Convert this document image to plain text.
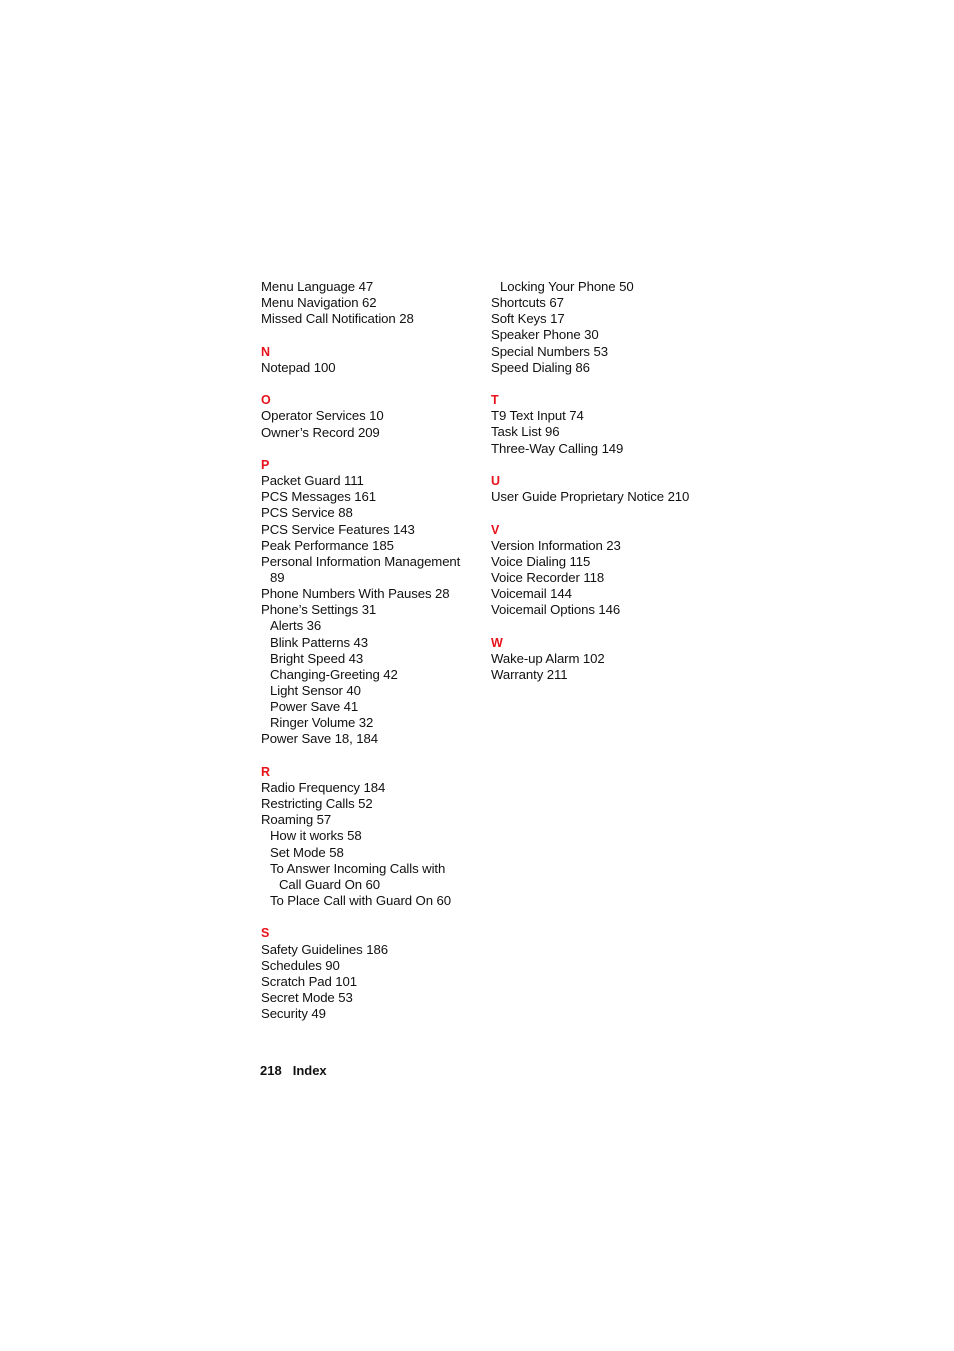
Menu Language 47
Menu Navigation 62
Missed Call Notification 28
N
Notepad 100
O
Operator Services 10
Owner’s Record 209
P
Packet Guard 111
PCS Messages 161
PCS Service 88
PCS Service Features 143
Peak Performance 185
Personal Information Management
89
Phone Numbers With Pauses 28
Phone’s Settings 31
Alerts 36
Blink Patterns 43
Bright Speed 43
Changing-Greeting 42
Light Sensor 40
Power Save 41
Ringer Volume 32
Power Save 18, 184
R
Radio Frequency 184
Restricting Calls 52
Roaming 57
How it works 58
Set Mode 58
To Answer Incoming Calls with
Call Guard On 60
To Place Call with Guard On 60
S
Safety Guidelines 186
Schedules 90
Scratch Pad 101
Secret Mode 53
Security 49
Locking Your Phone 50
Shortcuts 67
Soft Keys 17
Speaker Phone 30
Special Numbers 53
Speed Dialing 86
T
T9 Text Input 74
Task List 96
Three-Way Calling 149
U
User Guide Proprietary Notice 210
V
Version Information 23
Voice Dialing 115
Voice Recorder 118
Voicemail 144
Voicemail Options 146
W
Wake-up Alarm 102
Warranty 211
218 Index
